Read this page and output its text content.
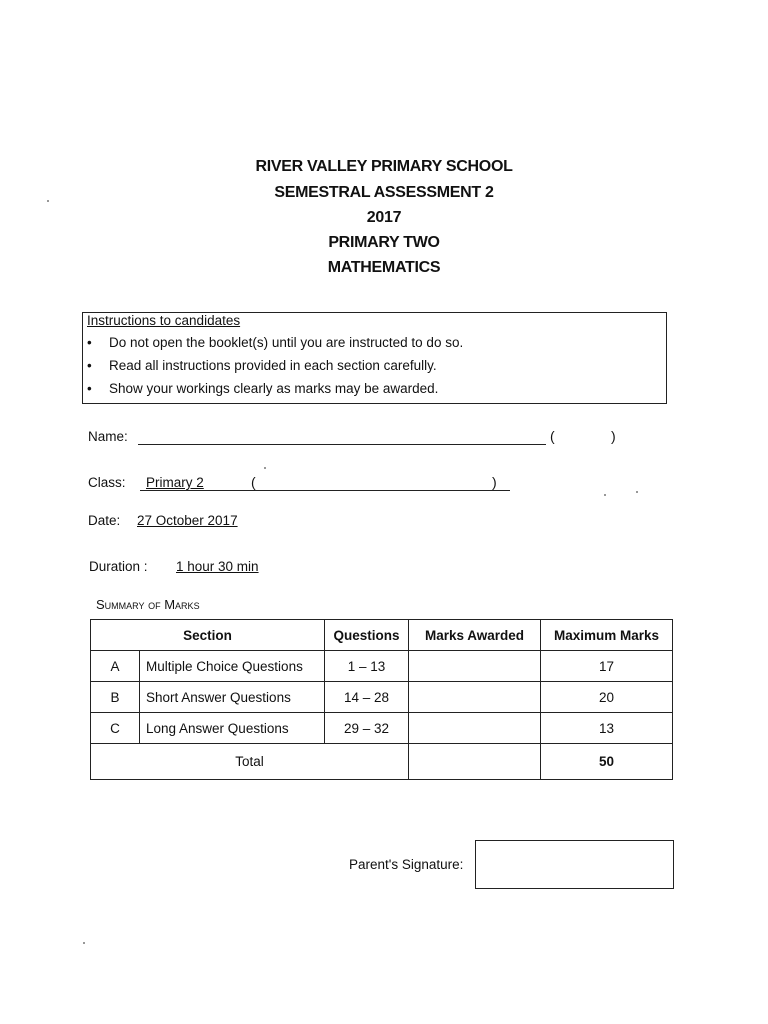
RIVER VALLEY PRIMARY SCHOOL
SEMESTRAL ASSESSMENT 2
2017
PRIMARY TWO
MATHEMATICS
Instructions to candidates
• Do not open the booklet(s) until you are instructed to do so.
• Read all instructions provided in each section carefully.
• Show your workings clearly as marks may be awarded.
Name:	(	)
Class: Primary 2	(	)
Date: 27 October 2017
Duration : 1 hour 30 min
Summary of Marks
Section		Questions	Marks Awarded	Maximum Marks
A	Multiple Choice Questions	1 – 13		17
B	Short Answer Questions	14 – 28		20
C	Long Answer Questions	29 – 32		13
Total				50
Parent's Signature:
